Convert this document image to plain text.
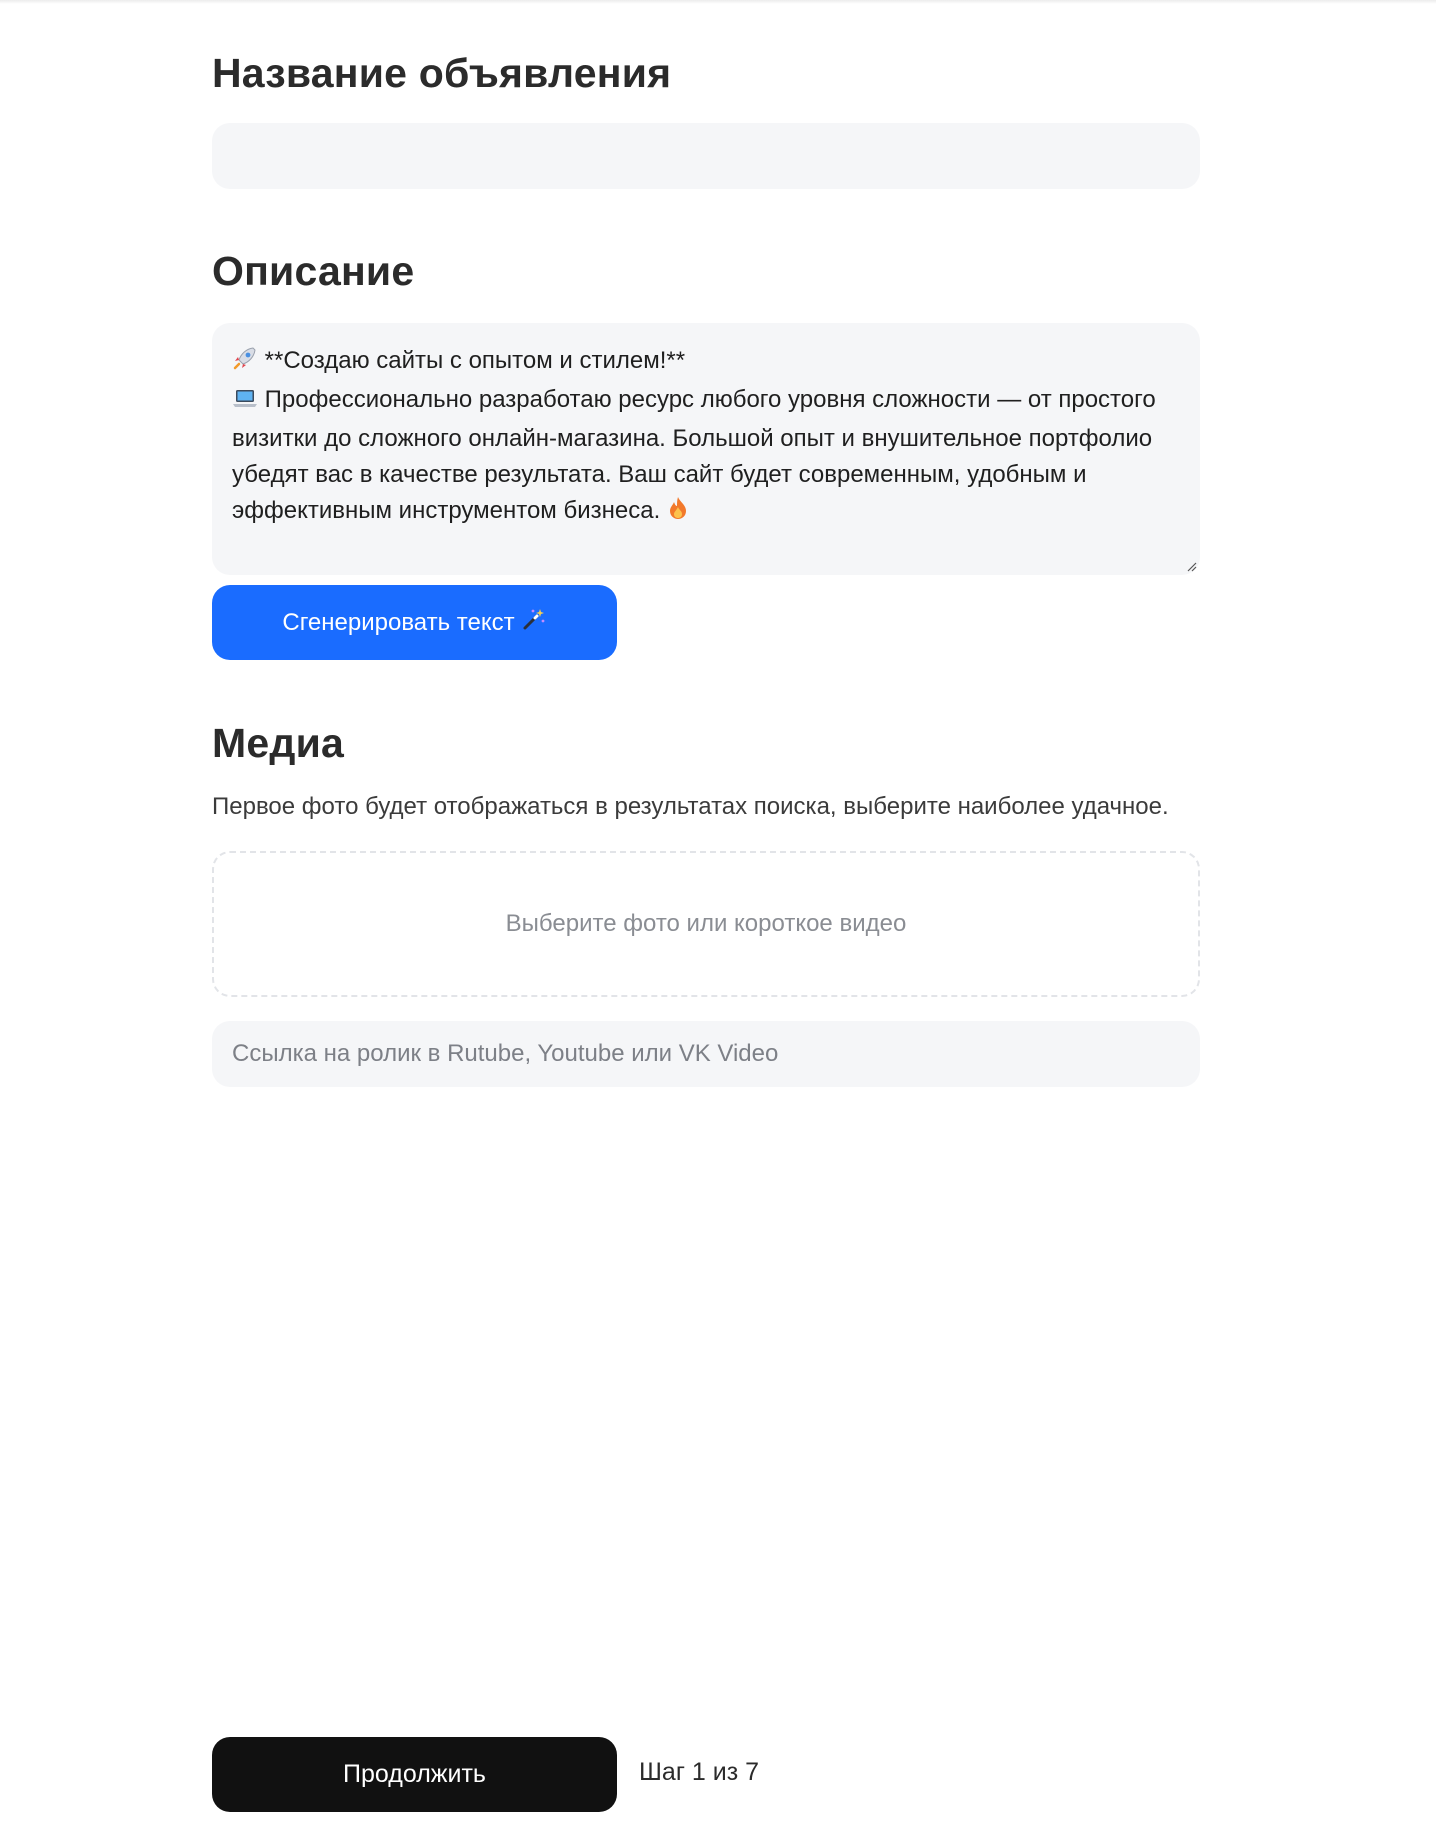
Название объявления
Описание

**Создаю сайты с опытом и стилем!**
Профессионально разработаю ресурс любого уровня сложности — от простого визитки до сложного онлайн-магазина. Большой опыт и внушительное портфолио убедят вас в качестве результата. Ваш сайт будет современным, удобным и эффективным инструментом бизнеса.

Сгенерировать текст
Медиа

Первое фото будет отображаться в результатах поиска, выберите наиболее удачное.

Выберите фото или короткое видео
Ссылка на ролик в Rutube, Youtube или VK Video
Продолжить	Шаг 1 из 7
